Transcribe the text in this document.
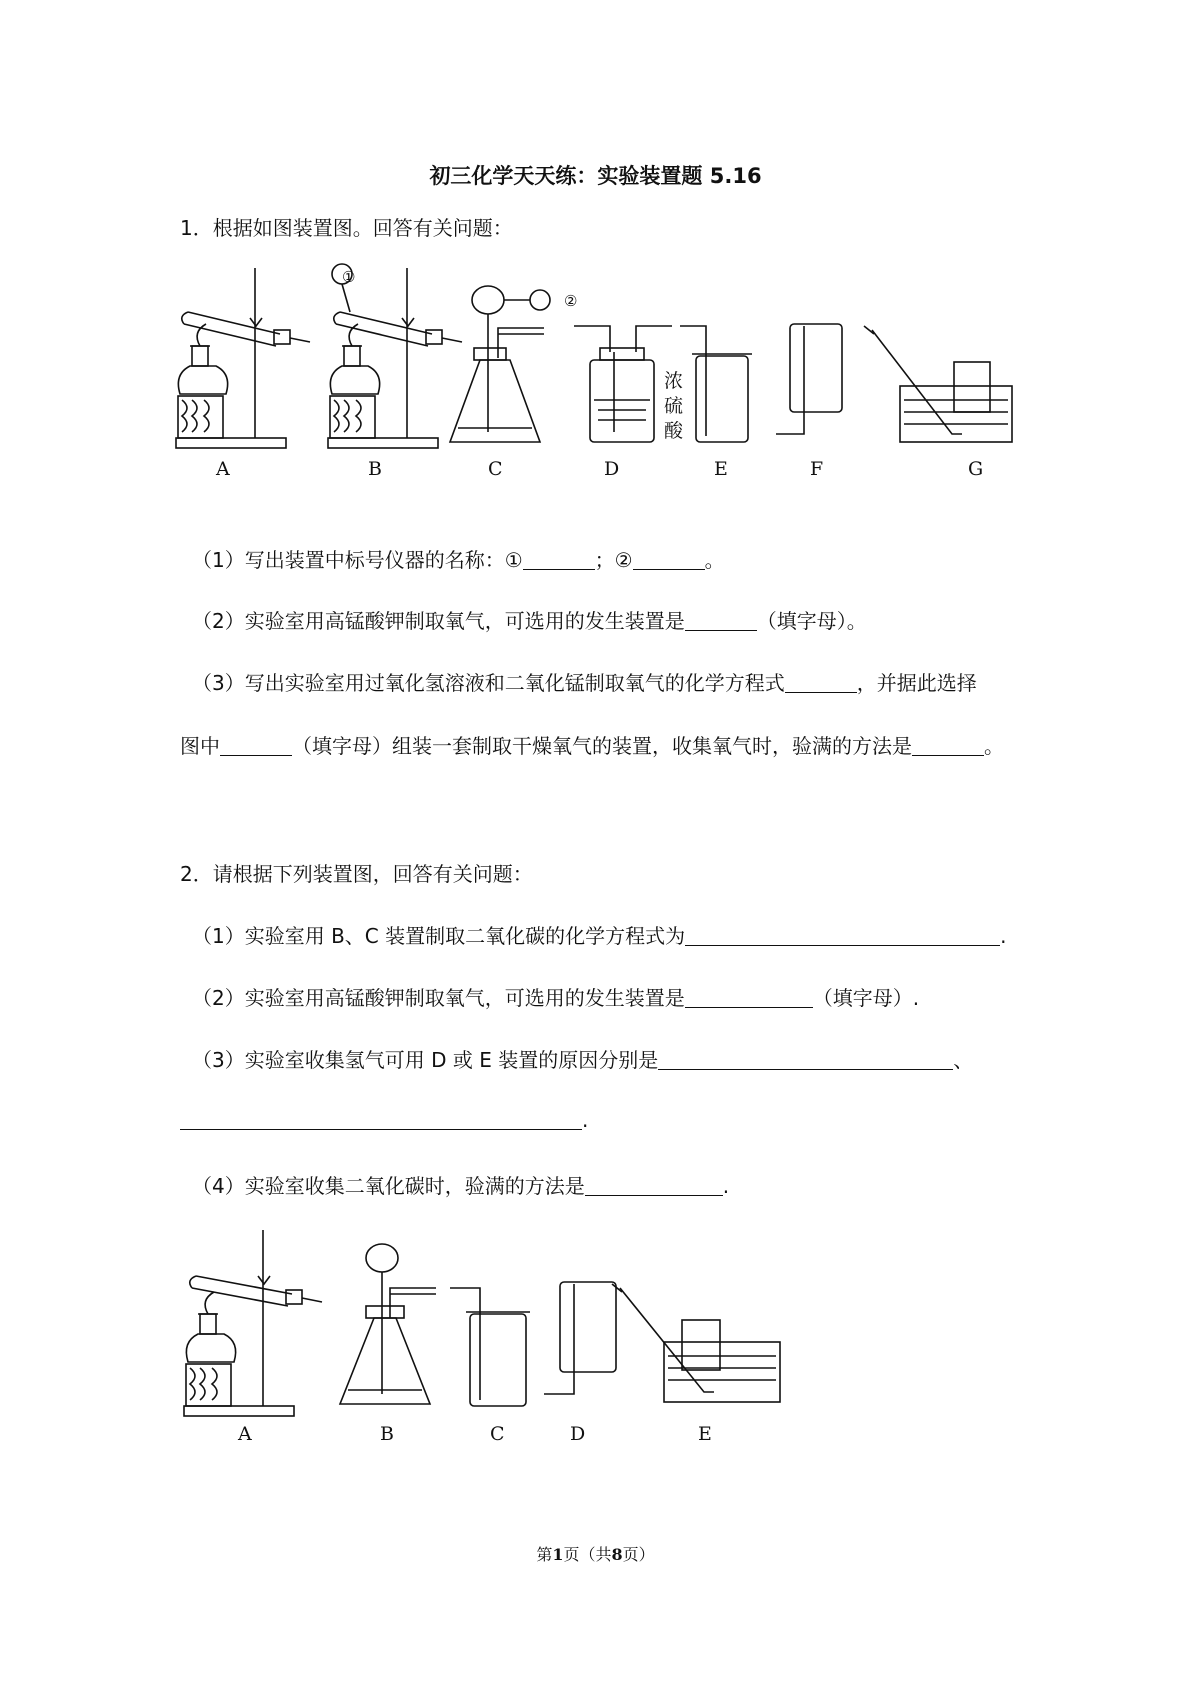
初三化学天天练：实验装置题 5.16
1．根据如图装置图。回答有关问题：
A
①
B	C	D	E	F	G
②
浓
硫
酸
（1）写出装置中标号仪器的名称：①	；②	。
（2）实验室用高锰酸钾制取氧气，可选用的发生装置是	（填字母）。
（3）写出实验室用过氧化氢溶液和二氧化锰制取氧气的化学方程式	，并据此选择
图中	（填字母）组装一套制取干燥氧气的装置，收集氧气时，验满的方法是	。
2．请根据下列装置图，回答有关问题：
（1）实验室用 B、C 装置制取二氧化碳的化学方程式为	.
（2）实验室用高锰酸钾制取氧气，可选用的发生装置是	（填字母）.
（3）实验室收集氢气可用 D 或 E 装置的原因分别是	、
.
（4）实验室收集二氧化碳时，验满的方法是	.
A	B	C	D	E
第1页（共8页）
